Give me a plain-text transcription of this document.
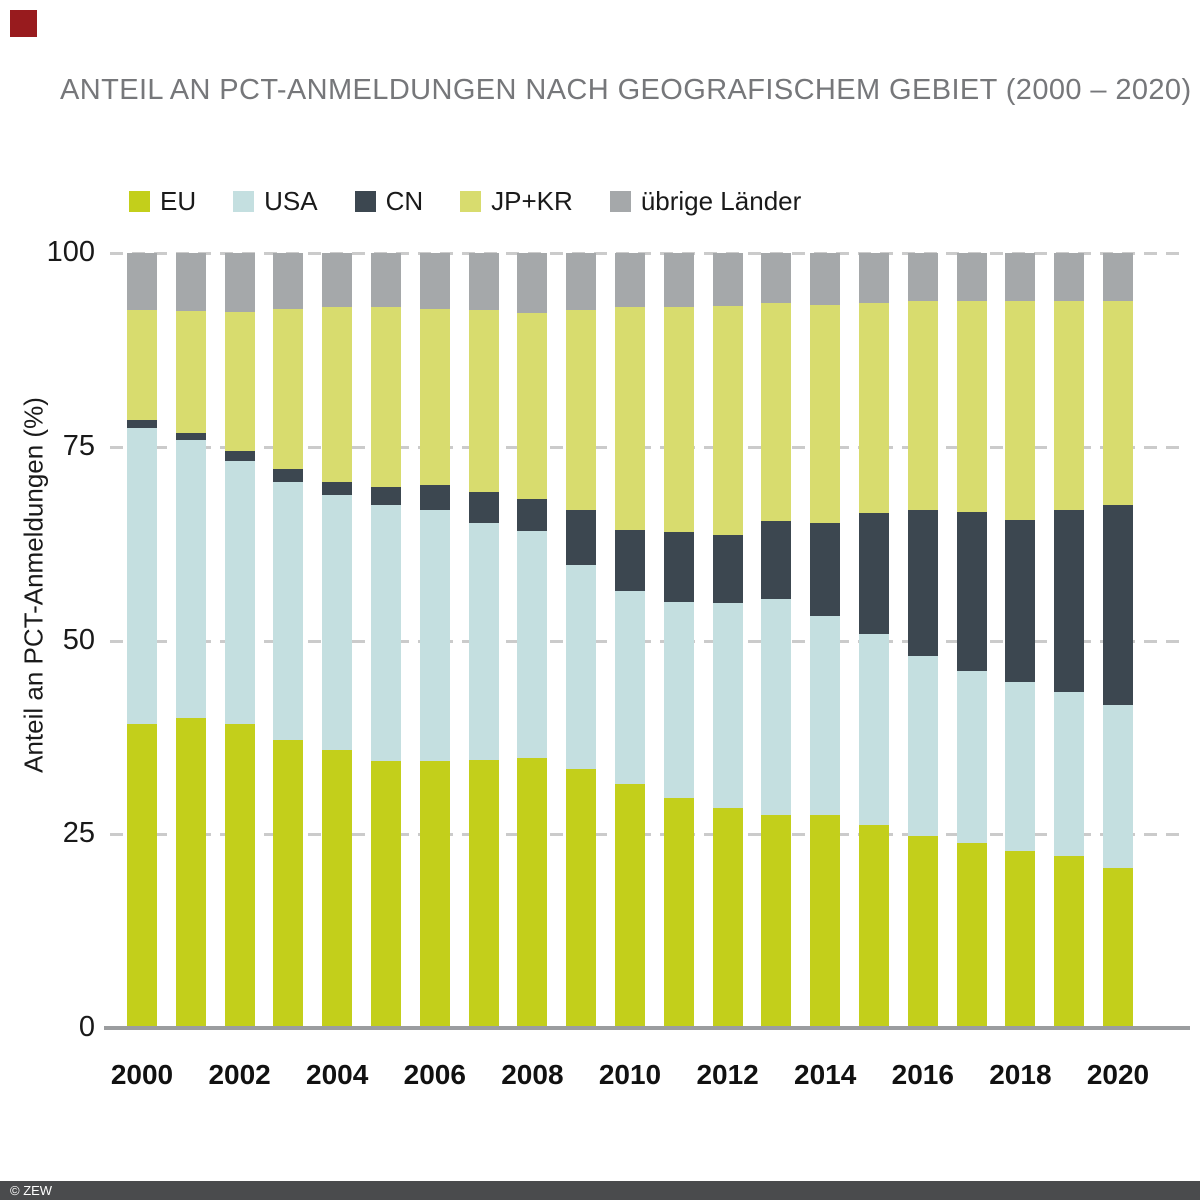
ANTEIL AN PCT-ANMELDUNGEN NACH GEOGRAFISCHEM GEBIET (2000 – 2020)
EU	USA	CN	JP+KR	übrige Länder
Anteil an PCT-Anmeldungen (%)
0
25
50
75
100
2000	2002	2004	2006	2008	2010	2012	2014	2016	2018	2020
© ZEW
